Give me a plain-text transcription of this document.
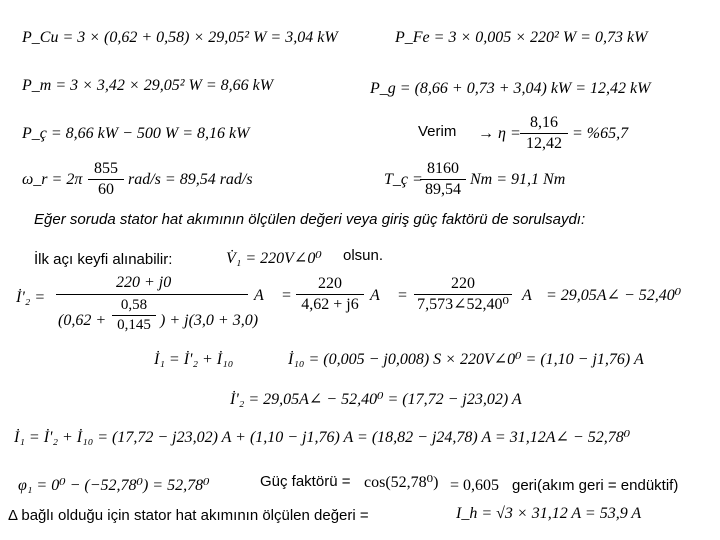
P_Cu = 3 × (0,62 + 0,58) × 29,05² W = 3,04 kW	P_Fe = 3 × 0,005 × 220² W = 0,73 kW
P_m = 3 × 3,42 × 29,05² W = 8,66 kW	P_g = (8,66 + 0,73 + 3,04) kW = 12,42 kW
Verim → $\eta = \frac{8,16}{12,42} = \%65,7$
P_ç = 8,66 kW − 500 W = 8,16 kW
ω_r = $2\pi \frac{855}{60} rad/s = 89,54$ rad/s	T_ç =
$\frac{8160}{89,54}$ Nm = 91,1 Nm
Eğer soruda stator hat akımının ölçülen değeri veya giriş güç faktörü de sorulsaydı:
İlk açı keyfi alınabilir:	V̇₁ = 220V∠0⁰ olsun.
İ'₂ =
220 + j0
($0,62 + \frac{0,58}{0,145}$ ) + j(3,0 + 3,0)
$A = \frac{220}{4,62 + j6}$ $A = \frac{220}{\text{7,573∠52,40⁰}}$ A = 29,05A∠ − 52,40⁰
İ₁ = İ'₂ + İ₁₀	İ₁₀ = (0,005 − j0,008) S × 220V∠0⁰ = (1,10 − j1,76) A
İ'₂ = 29,05A∠ − 52,40⁰ = (17,72 − j23,02) A
İ₁ = İ'₂ + İ₁₀ = (17,72 − j23,02) A + (1,10 − j1,76) A = (18,82 − j24,78) A = 31,12A∠ − 52,78⁰
φ₁ = 0⁰ − (−52,78⁰) = 52,78⁰	Güç faktörü = cos(52,78⁰) = 0,605 geri(akım geri = endüktif)
Δ bağlı olduğu için stator hat akımının ölçülen değeri =	I_h = √3 × 31,12 A = 53,9 A
